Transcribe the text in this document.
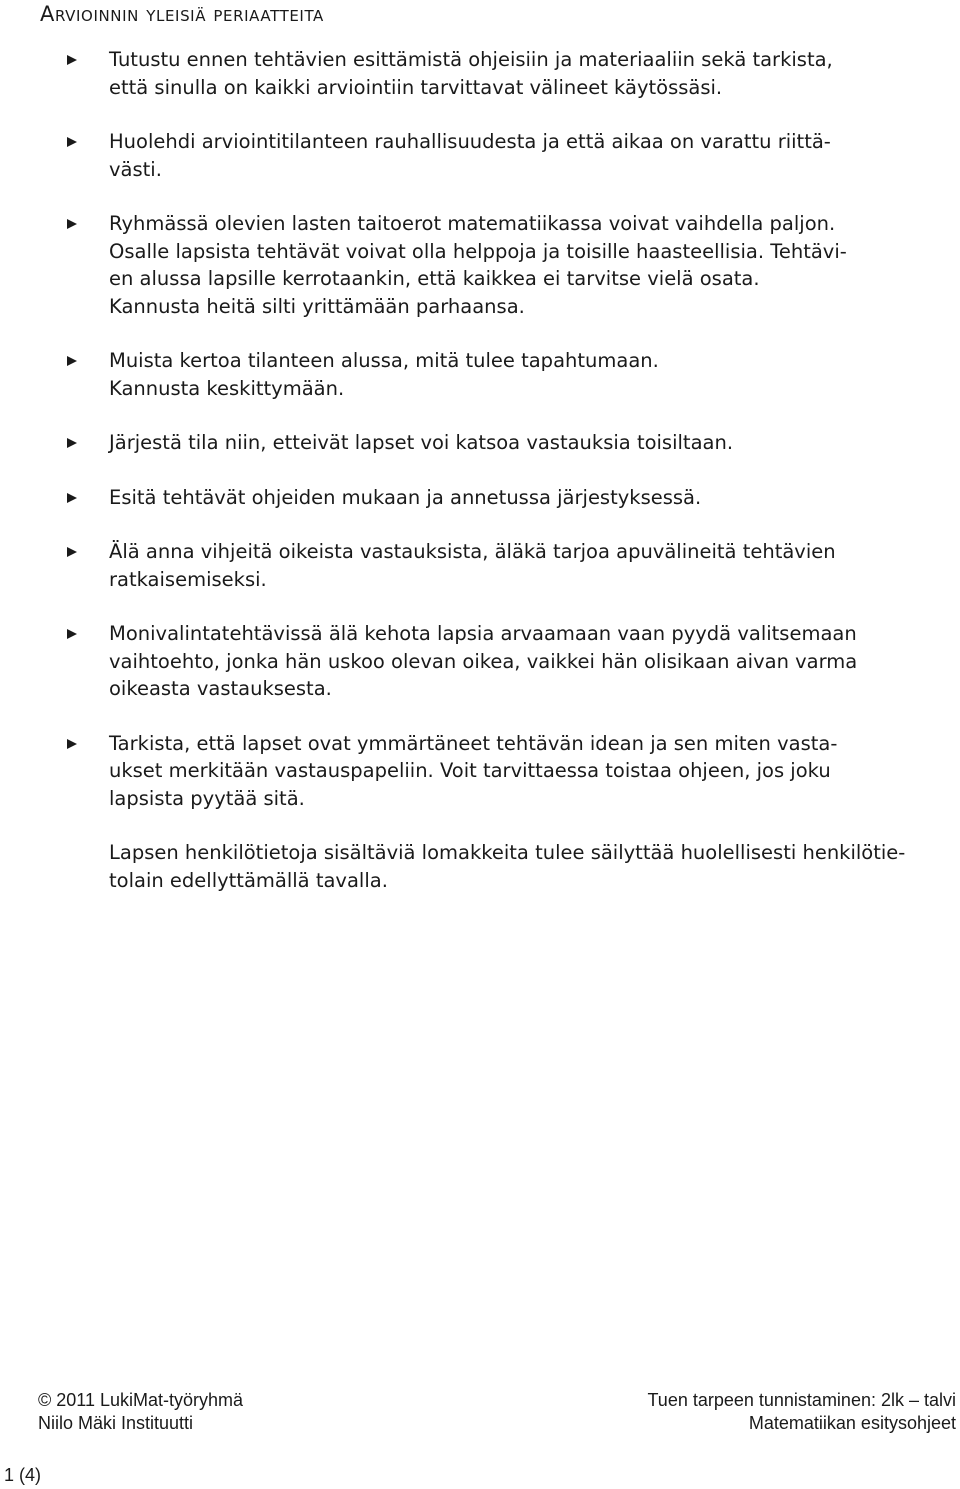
Arvioinnin yleisiä periaatteita
Tutustu ennen tehtävien esittämistä ohjeisiin ja materiaaliin sekä tarkista,
että sinulla on kaikki arviointiin tarvittavat välineet käytössäsi.
Huolehdi arviointitilanteen rauhallisuudesta ja että aikaa on varattu riittä-
västi.
Ryhmässä olevien lasten taitoerot matematiikassa voivat vaihdella paljon.
Osalle lapsista tehtävät voivat olla helppoja ja toisille haasteellisia. Tehtävi-
en alussa lapsille kerrotaankin, että kaikkea ei tarvitse vielä osata.
Kannusta heitä silti yrittämään parhaansa.
Muista kertoa tilanteen alussa, mitä tulee tapahtumaan.
Kannusta keskittymään.
Järjestä tila niin, etteivät lapset voi katsoa vastauksia toisiltaan.
Esitä tehtävät ohjeiden mukaan ja annetussa järjestyksessä.
Älä anna vihjeitä oikeista vastauksista, äläkä tarjoa apuvälineitä tehtävien
ratkaisemiseksi.
Monivalintatehtävissä älä kehota lapsia arvaamaan vaan pyydä valitsemaan
vaihtoehto, jonka hän uskoo olevan oikea, vaikkei hän olisikaan aivan varma
oikeasta vastauksesta.
Tarkista, että lapset ovat ymmärtäneet tehtävän idean ja sen miten vasta-
ukset merkitään vastauspapeliin. Voit tarvittaessa toistaa ohjeen, jos joku
lapsista pyytää sitä.
Lapsen henkilötietoja sisältäviä lomakkeita tulee säilyttää huolellisesti henkilötie-
tolain edellyttämällä tavalla.
© 2011 LukiMat-työryhmä
Niilo Mäki Instituutti
Tuen tarpeen tunnistaminen: 2lk – talvi
Matematiikan esitysohjeet
1 (4)
